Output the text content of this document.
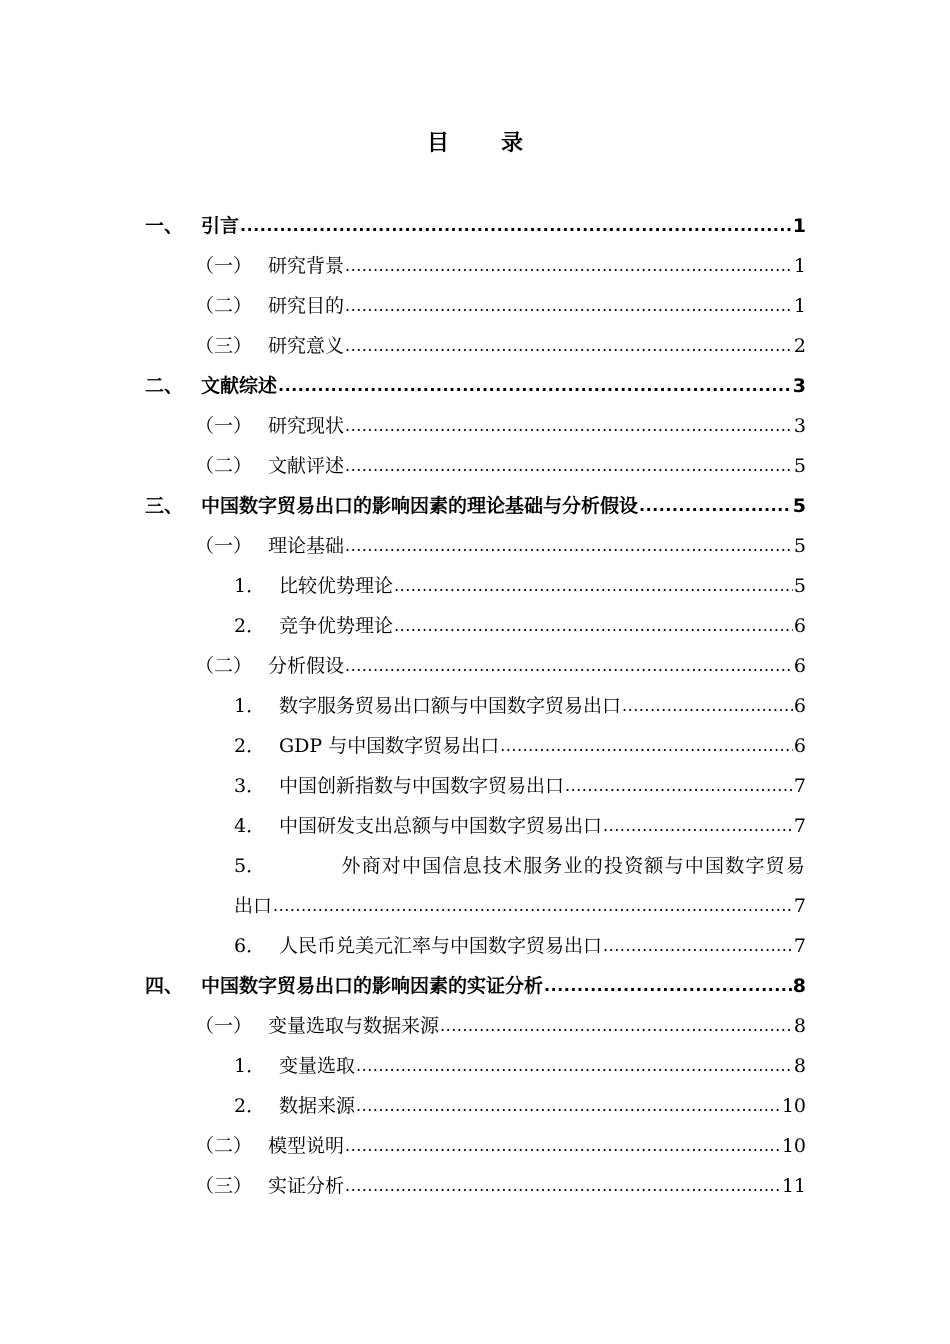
目 录
一、 引言 .....	1
（一） 研究背景 .....	1
（二） 研究目的 .....	1
（三） 研究意义 .....	2
二、 文献综述 .....	3
（一） 研究现状 .....	3
（二） 文献评述 .....	5
三、 中国数字贸易出口的影响因素的理论基础与分析假设 .....	5
（一） 理论基础 .....	5
1． 比较优势理论 .....	5
2． 竞争优势理论 .....	6
（二） 分析假设 .....	6
1． 数字服务贸易出口额与中国数字贸易出口 .....	6
2． GDP 与中国数字贸易出口 .....	6
3． 中国创新指数与中国数字贸易出口 .....	7
4． 中国研发支出总额与中国数字贸易出口 .....	7
5．	外商对中国信息技术服务业的投资额与中国数字贸易
出口 .....	7
6． 人民币兑美元汇率与中国数字贸易出口 .....	7
四、 中国数字贸易出口的影响因素的实证分析 .....	8
（一） 变量选取与数据来源 .....	8
1． 变量选取 .....	8
2． 数据来源 .....	10
（二） 模型说明 .....	10
（三） 实证分析 .....	11
